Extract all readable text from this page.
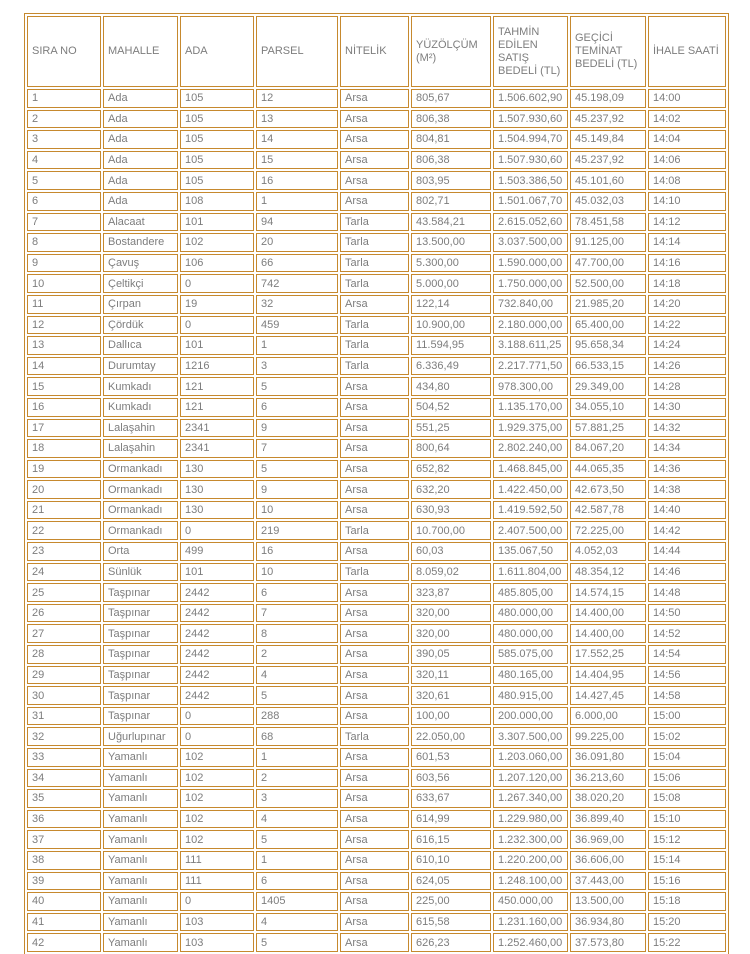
SIRA NO	MAHALLE	ADA	PARSEL	NİTELİK	YÜZÖLÇÜM (M²)	TAHMİN EDİLEN SATIŞ BEDELİ (TL)	GEÇİCİ TEMİNAT BEDELİ (TL)	İHALE SAATİ
1	Ada	105	12	Arsa	805,67	1.506.602,90	45.198,09	14:00
2	Ada	105	13	Arsa	806,38	1.507.930,60	45.237,92	14:02
3	Ada	105	14	Arsa	804,81	1.504.994,70	45.149,84	14:04
4	Ada	105	15	Arsa	806,38	1.507.930,60	45.237,92	14:06
5	Ada	105	16	Arsa	803,95	1.503.386,50	45.101,60	14:08
6	Ada	108	1	Arsa	802,71	1.501.067,70	45.032,03	14:10
7	Alacaat	101	94	Tarla	43.584,21	2.615.052,60	78.451,58	14:12
8	Bostandere	102	20	Tarla	13.500,00	3.037.500,00	91.125,00	14:14
9	Çavuş	106	66	Tarla	5.300,00	1.590.000,00	47.700,00	14:16
10	Çeltikçi	0	742	Tarla	5.000,00	1.750.000,00	52.500,00	14:18
11	Çırpan	19	32	Arsa	122,14	732.840,00	21.985,20	14:20
12	Çördük	0	459	Tarla	10.900,00	2.180.000,00	65.400,00	14:22
13	Dallıca	101	1	Tarla	11.594,95	3.188.611,25	95.658,34	14:24
14	Durumtay	1216	3	Tarla	6.336,49	2.217.771,50	66.533,15	14:26
15	Kumkadı	121	5	Arsa	434,80	978.300,00	29.349,00	14:28
16	Kumkadı	121	6	Arsa	504,52	1.135.170,00	34.055,10	14:30
17	Lalaşahin	2341	9	Arsa	551,25	1.929.375,00	57.881,25	14:32
18	Lalaşahin	2341	7	Arsa	800,64	2.802.240,00	84.067,20	14:34
19	Ormankadı	130	5	Arsa	652,82	1.468.845,00	44.065,35	14:36
20	Ormankadı	130	9	Arsa	632,20	1.422.450,00	42.673,50	14:38
21	Ormankadı	130	10	Arsa	630,93	1.419.592,50	42.587,78	14:40
22	Ormankadı	0	219	Tarla	10.700,00	2.407.500,00	72.225,00	14:42
23	Orta	499	16	Arsa	60,03	135.067,50	4.052,03	14:44
24	Sünlük	101	10	Tarla	8.059,02	1.611.804,00	48.354,12	14:46
25	Taşpınar	2442	6	Arsa	323,87	485.805,00	14.574,15	14:48
26	Taşpınar	2442	7	Arsa	320,00	480.000,00	14.400,00	14:50
27	Taşpınar	2442	8	Arsa	320,00	480.000,00	14.400,00	14:52
28	Taşpınar	2442	2	Arsa	390,05	585.075,00	17.552,25	14:54
29	Taşpınar	2442	4	Arsa	320,11	480.165,00	14.404,95	14:56
30	Taşpınar	2442	5	Arsa	320,61	480.915,00	14.427,45	14:58
31	Taşpınar	0	288	Arsa	100,00	200.000,00	6.000,00	15:00
32	Uğurlupınar	0	68	Tarla	22.050,00	3.307.500,00	99.225,00	15:02
33	Yamanlı	102	1	Arsa	601,53	1.203.060,00	36.091,80	15:04
34	Yamanlı	102	2	Arsa	603,56	1.207.120,00	36.213,60	15:06
35	Yamanlı	102	3	Arsa	633,67	1.267.340,00	38.020,20	15:08
36	Yamanlı	102	4	Arsa	614,99	1.229.980,00	36.899,40	15:10
37	Yamanlı	102	5	Arsa	616,15	1.232.300,00	36.969,00	15:12
38	Yamanlı	111	1	Arsa	610,10	1.220.200,00	36.606,00	15:14
39	Yamanlı	111	6	Arsa	624,05	1.248.100,00	37.443,00	15:16
40	Yamanlı	0	1405	Arsa	225,00	450.000,00	13.500,00	15:18
41	Yamanlı	103	4	Arsa	615,58	1.231.160,00	36.934,80	15:20
42	Yamanlı	103	5	Arsa	626,23	1.252.460,00	37.573,80	15:22
